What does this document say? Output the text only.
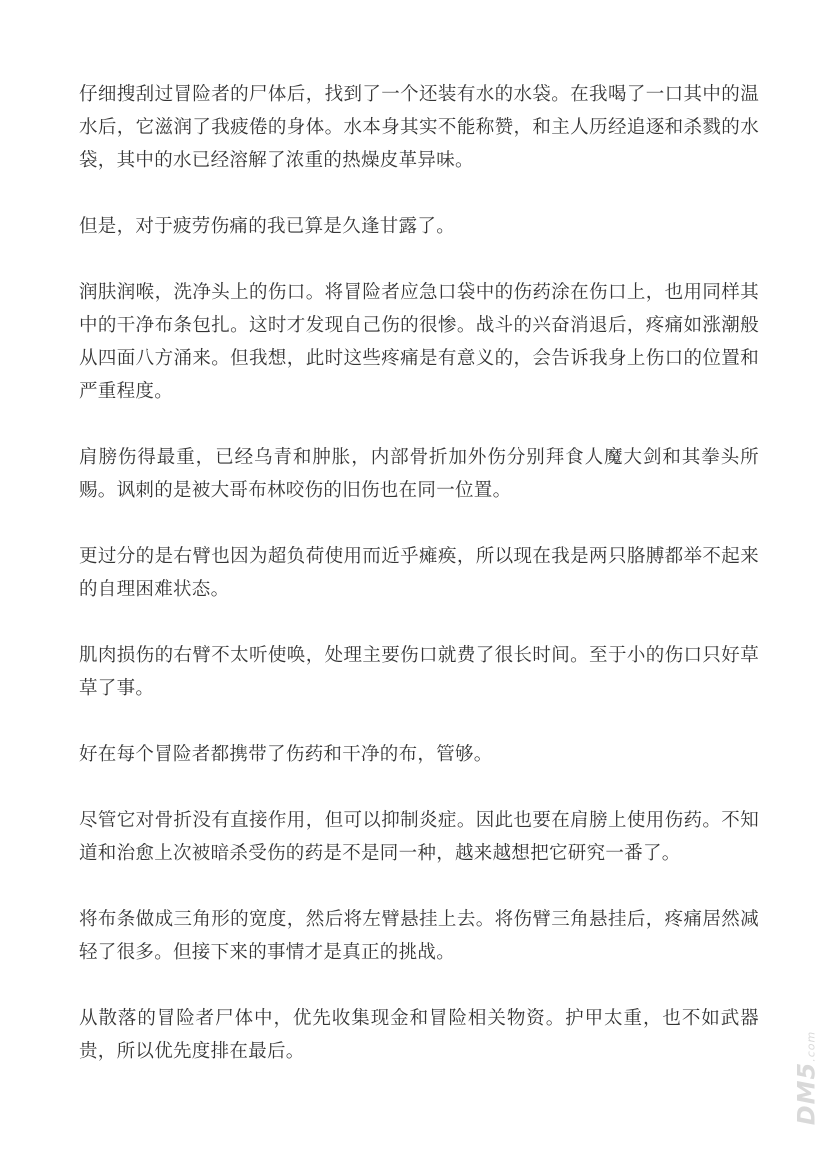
仔细搜刮过冒险者的尸体后，找到了一个还装有水的水袋。在我喝了一口其中的温水后，它滋润了我疲倦的身体。水本身其实不能称赞，和主人历经追逐和杀戮的水袋，其中的水已经溶解了浓重的热燥皮革异味。

但是，对于疲劳伤痛的我已算是久逢甘露了。

润肤润喉，洗净头上的伤口。将冒险者应急口袋中的伤药涂在伤口上，也用同样其中的干净布条包扎。这时才发现自己伤的很惨。战斗的兴奋消退后，疼痛如涨潮般从四面八方涌来。但我想，此时这些疼痛是有意义的，会告诉我身上伤口的位置和严重程度。

肩膀伤得最重，已经乌青和肿胀，内部骨折加外伤分别拜食人魔大剑和其拳头所赐。讽刺的是被大哥布林咬伤的旧伤也在同一位置。

更过分的是右臂也因为超负荷使用而近乎瘫痪，所以现在我是两只胳膊都举不起来的自理困难状态。

肌肉损伤的右臂不太听使唤，处理主要伤口就费了很长时间。至于小的伤口只好草草了事。

好在每个冒险者都携带了伤药和干净的布，管够。

尽管它对骨折没有直接作用，但可以抑制炎症。因此也要在肩膀上使用伤药。不知道和治愈上次被暗杀受伤的药是不是同一种，越来越想把它研究一番了。

将布条做成三角形的宽度，然后将左臂悬挂上去。将伤臂三角悬挂后，疼痛居然减轻了很多。但接下来的事情才是真正的挑战。

从散落的冒险者尸体中，优先收集现金和冒险相关物资。护甲太重，也不如武器贵，所以优先度排在最后。

DM5.com
